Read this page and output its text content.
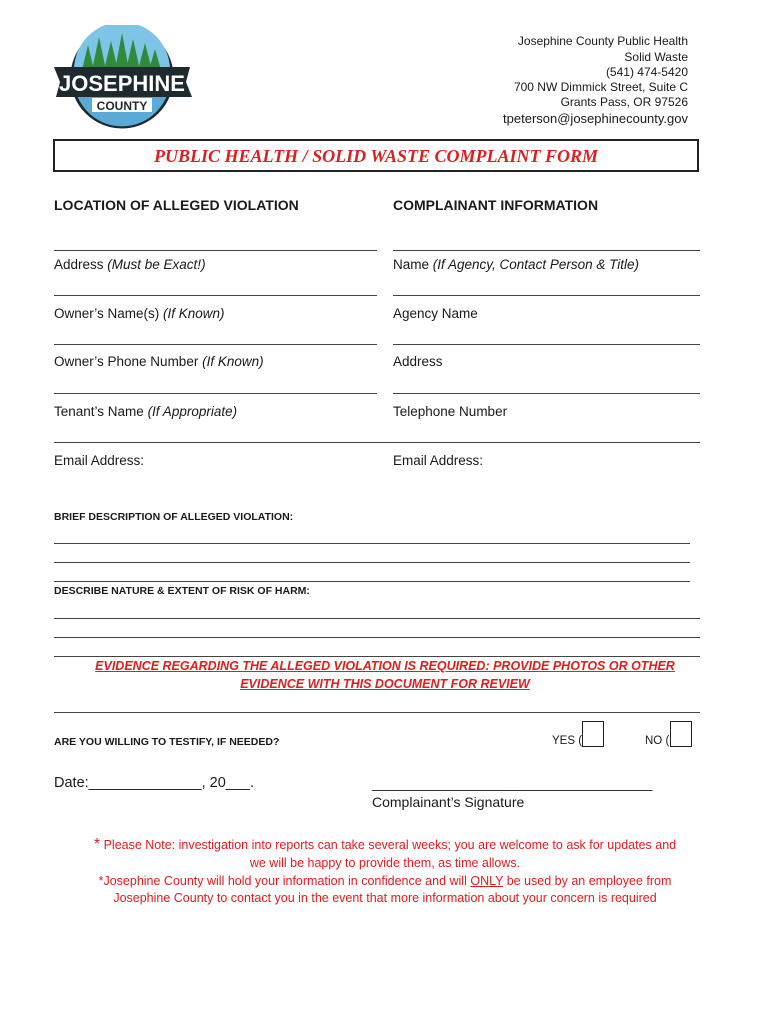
JOSEPHINE
COUNTY
Josephine County Public Health
Solid Waste
(541) 474-5420
700 NW Dimmick Street, Suite C
Grants Pass, OR 97526
tpeterson@josephinecounty.gov
PUBLIC HEALTH / SOLID WASTE COMPLAINT FORM
LOCATION OF ALLEGED VIOLATION	COMPLAINANT INFORMATION
Address (Must be Exact!)	Name (If Agency, Contact Person & Title)
Owner’s Name(s) (If Known)	Agency Name
Owner’s Phone Number (If Known)	Address
Tenant’s Name (If Appropriate)	Telephone Number
Email Address:	Email Address:
BRIEF DESCRIPTION OF ALLEGED VIOLATION:
DESCRIBE NATURE & EXTENT OF RISK OF HARM:
EVIDENCE REGARDING THE ALLEGED VIOLATION IS REQUIRED: PROVIDE PHOTOS OR OTHER
EVIDENCE WITH THIS DOCUMENT FOR REVIEW
ARE YOU WILLING TO TESTIFY, IF NEEDED?	YES (	NO (
Date:______________, 20___.	____________________________________
Complainant’s Signature
* Please Note: investigation into reports can take several weeks; you are welcome to ask for updates and
we will be happy to provide them, as time allows.
*Josephine County will hold your information in confidence and will ONLY be used by an employee from
Josephine County to contact you in the event that more information about your concern is required
